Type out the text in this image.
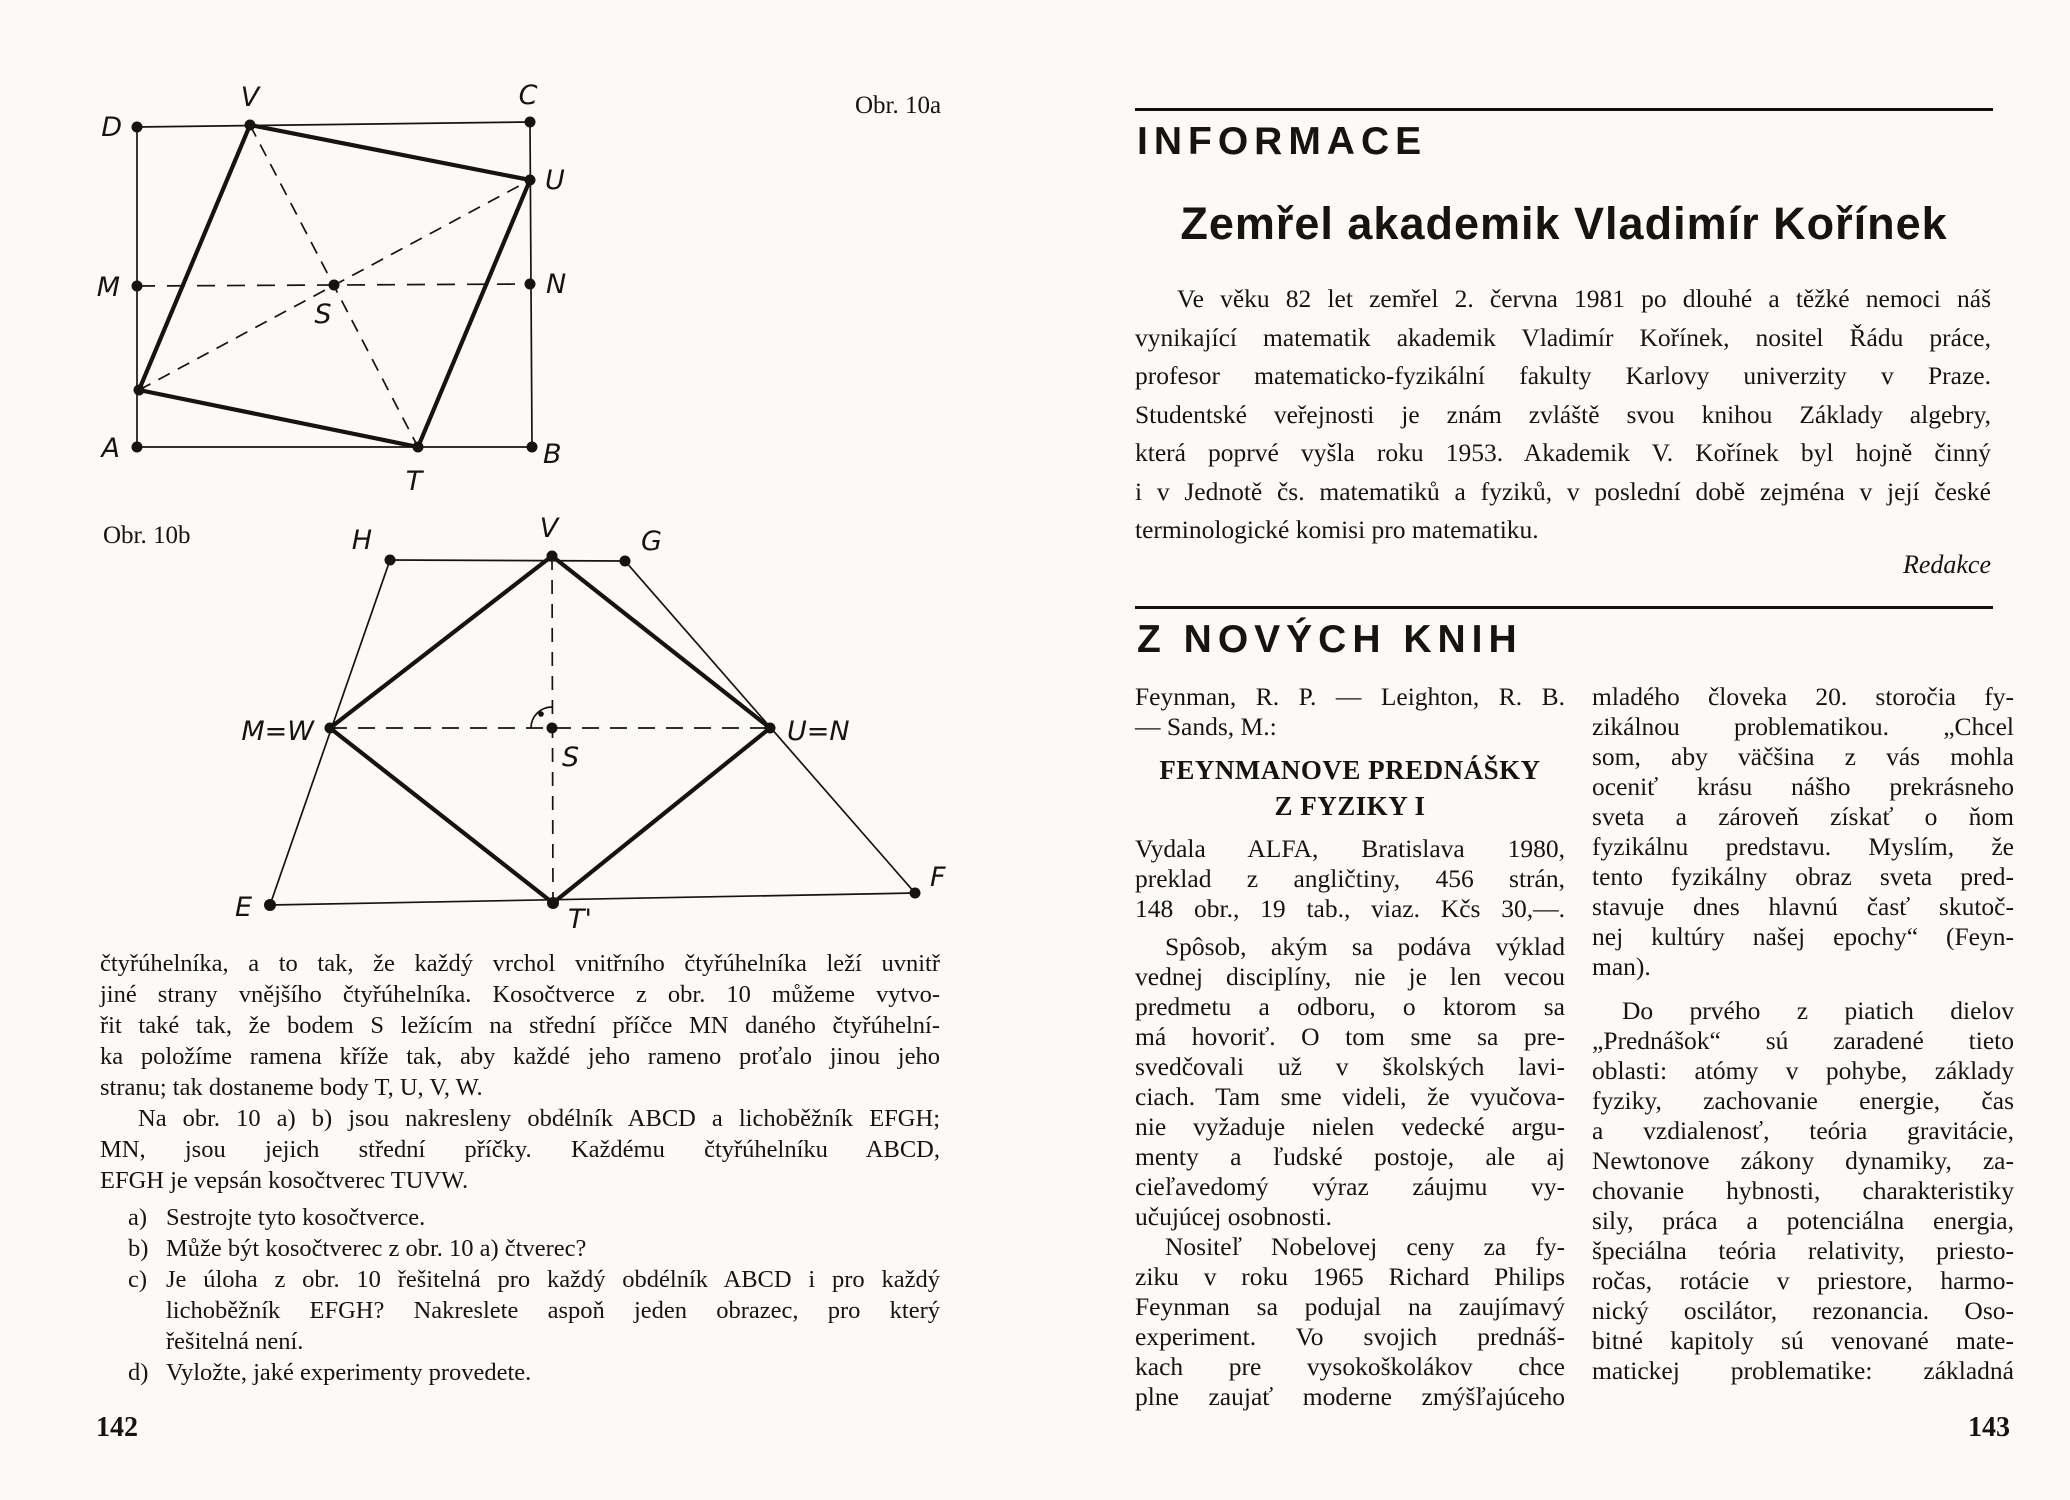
Obr. 10a
D
V	C
U
M	N
S
A
T
B
Obr. 10b	H	V	G
M=W	U=N
S
E	T'
F
čtyřúhelníka, a to tak, že každý vrchol vnitřního čtyřúhelníka leží uvnitř
jiné strany vnějšího čtyřúhelníka. Kosočtverce z obr. 10 můžeme vytvo-
řit také tak, že bodem S ležícím na střední příčce MN daného čtyřúhelní-
ka položíme ramena kříže tak, aby každé jeho rameno proťalo jinou jeho
stranu; tak dostaneme body T, U, V, W.
Na obr. 10 a) b) jsou nakresleny obdélník ABCD a lichoběžník EFGH;
MN, jsou jejich střední příčky. Každému čtyřúhelníku ABCD,
EFGH je vepsán kosočtverec TUVW.
a) Sestrojte tyto kosočtverce.
b) Může být kosočtverec z obr. 10 a) čtverec?
c) Je úloha z obr. 10 řešitelná pro každý obdélník ABCD i pro každý
lichoběžník EFGH? Nakreslete aspoň jeden obrazec, pro který
řešitelná není.
d) Vyložte, jaké experimenty provedete.
142
INFORMACE
Zemřel akademik Vladimír Kořínek
Ve věku 82 let zemřel 2. června 1981 po dlouhé a těžké nemoci náš
vynikající matematik akademik Vladimír Kořínek, nositel Řádu práce,
profesor matematicko-fyzikální fakulty Karlovy univerzity v Praze.
Studentské veřejnosti je znám zvláště svou knihou Základy algebry,
která poprvé vyšla roku 1953. Akademik V. Kořínek byl hojně činný
i v Jednotě čs. matematiků a fyziků, v poslední době zejména v její české
terminologické komisi pro matematiku.
Redakce
Z NOVÝCH KNIH
Feynman, R. P. — Leighton, R. B.
— Sands, M.:
FEYNMANOVE PREDNÁŠKY
Z FYZIKY I
Vydala ALFA, Bratislava 1980,
preklad z angličtiny, 456 strán,
148 obr., 19 tab., viaz. Kčs 30,—.
Spôsob, akým sa podáva výklad
vednej disciplíny, nie je len vecou
predmetu a odboru, o ktorom sa
má hovoriť. O tom sme sa pre-
svedčovali už v školských lavi-
ciach. Tam sme videli, že vyučova-
nie vyžaduje nielen vedecké argu-
menty a ľudské postoje, ale aj
cieľavedomý výraz záujmu vy-
učujúcej osobnosti.
Nositeľ Nobelovej ceny za fy-
ziku v roku 1965 Richard Philips
Feynman sa podujal na zaujímavý
experiment. Vo svojich prednáš-
kach pre vysokoškolákov chce
plne zaujať moderne zmýšľajúceho
mladého človeka 20. storočia fy-
zikálnou problematikou. „Chcel
som, aby väčšina z vás mohla
oceniť krásu nášho prekrásneho
sveta a zároveň získať o ňom
fyzikálnu predstavu. Myslím, že
tento fyzikálny obraz sveta pred-
stavuje dnes hlavnú časť skutoč-
nej kultúry našej epochy“ (Feyn-
man).
Do prvého z piatich dielov
„Prednášok“ sú zaradené tieto
oblasti: atómy v pohybe, základy
fyziky, zachovanie energie, čas
a vzdialenosť, teória gravitácie,
Newtonove zákony dynamiky, za-
chovanie hybnosti, charakteristiky
sily, práca a potenciálna energia,
špeciálna teória relativity, priesto-
ročas, rotácie v priestore, harmo-
nický oscilátor, rezonancia. Oso-
bitné kapitoly sú venované mate-
matickej problematike: základná
143
